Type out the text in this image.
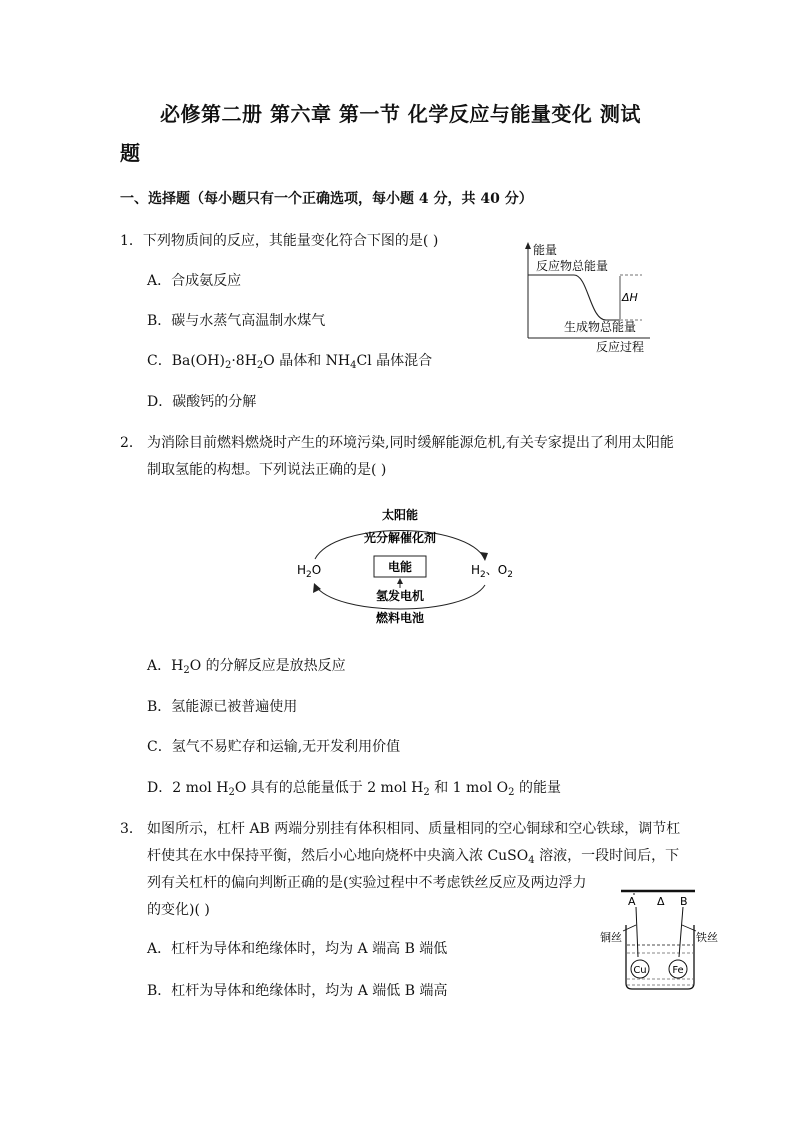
必修第二册 第六章 第一节 化学反应与能量变化 测试
题
一、选择题（每小题只有一个正确选项，每小题 4 分，共 40 分）
1．下列物质间的反应，其能量变化符合下图的是( )
A．合成氨反应
B．碳与水蒸气高温制水煤气
C．$Ba(OH)_2\cdot 8H_2O$ 晶体和 $NH_4Cl$ 晶体混合
D．碳酸钙的分解
能量
反应物总能量
ΔH
生成物总能量
反应过程
2． 为消除目前燃料燃烧时产生的环境污染,同时缓解能源危机,有关专家提出了利用太阳能
制取氢能的构想。下列说法正确的是( )
太阳能
光分解催化剂
$H_2O$	$H_2$、$O_2$
电能
氢发电机
燃料电池
A．$H_2O$ 的分解反应是放热反应
B．氢能源已被普遍使用
C．氢气不易贮存和运输,无开发利用价值
D．2 mol $H_2O$ 具有的总能量低于 2 mol $H_2$ 和 1 mol $O_2$ 的能量
3． 如图所示，杠杆 AB 两端分别挂有体积相同、质量相同的空心铜球和空心铁球，调节杠
杆使其在水中保持平衡，然后小心地向烧杯中央滴入浓 CuSO$_4$ 溶液，一段时间后，下
列有关杠杆的偏向判断正确的是(实验过程中不考虑铁丝反应及两边浮力
的变化)( )
A．杠杆为导体和绝缘体时，均为 A 端高 B 端低
B．杠杆为导体和绝缘体时，均为 A 端低 B 端高
A Δ B
铜丝	铁丝
Cu	Fe
